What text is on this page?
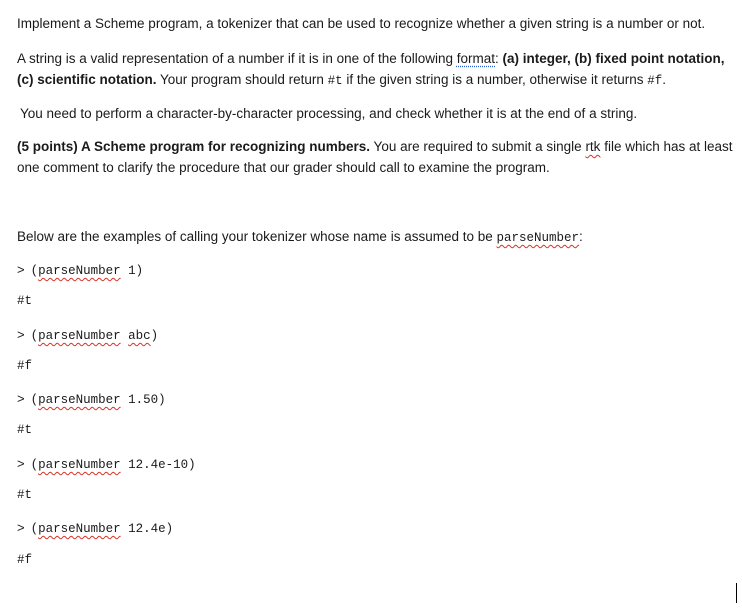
Implement a Scheme program, a tokenizer that can be used to recognize whether a given string is a number or not.
A string is a valid representation of a number if it is in one of the following format: (a) integer, (b) fixed point notation,
(c) scientific notation. Your program should return #t if the given string is a number, otherwise it returns #f.
You need to perform a character-by-character processing, and check whether it is at the end of a string.
(5 points) A Scheme program for recognizing numbers. You are required to submit a single rtk file which has at least
one comment to clarify the procedure that our grader should call to examine the program.
Below are the examples of calling your tokenizer whose name is assumed to be parseNumber:
> (parseNumber 1)
#t
> (parseNumber abc)
#f
> (parseNumber 1.50)
#t
> (parseNumber 12.4e-10)
#t
> (parseNumber 12.4e)
#f
